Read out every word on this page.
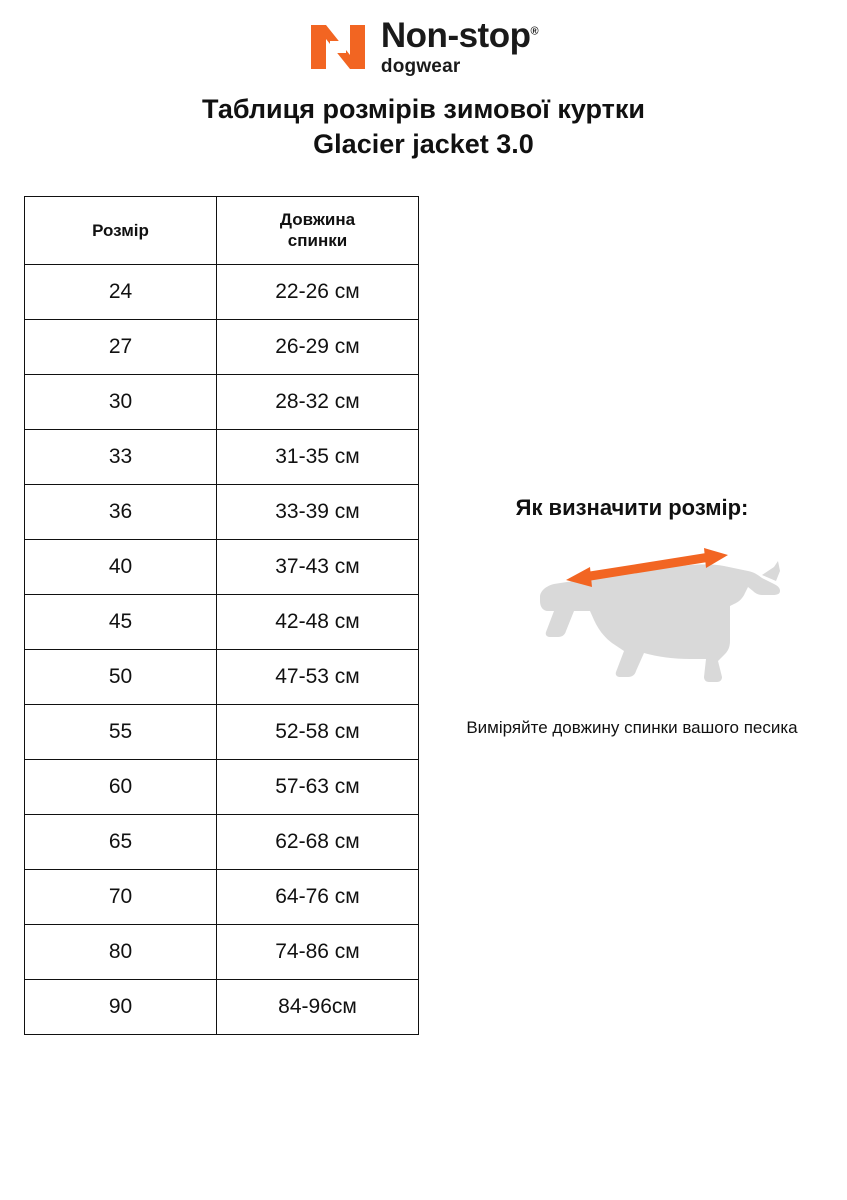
Non-stop®
dogwear
Таблиця розмірів зимової куртки
Glacier jacket 3.0
Розмір	Довжина
спинки
24	22-26 см
27	26-29 см
30	28-32 см
33	31-35 см
36	33-39 см
40	37-43 см
45	42-48 см
50	47-53 см
55	52-58 см
60	57-63 см
65	62-68 см
70	64-76 см
80	74-86 см
90	84-96см
Як визначити розмір:
Виміряйте довжину спинки вашого песика
